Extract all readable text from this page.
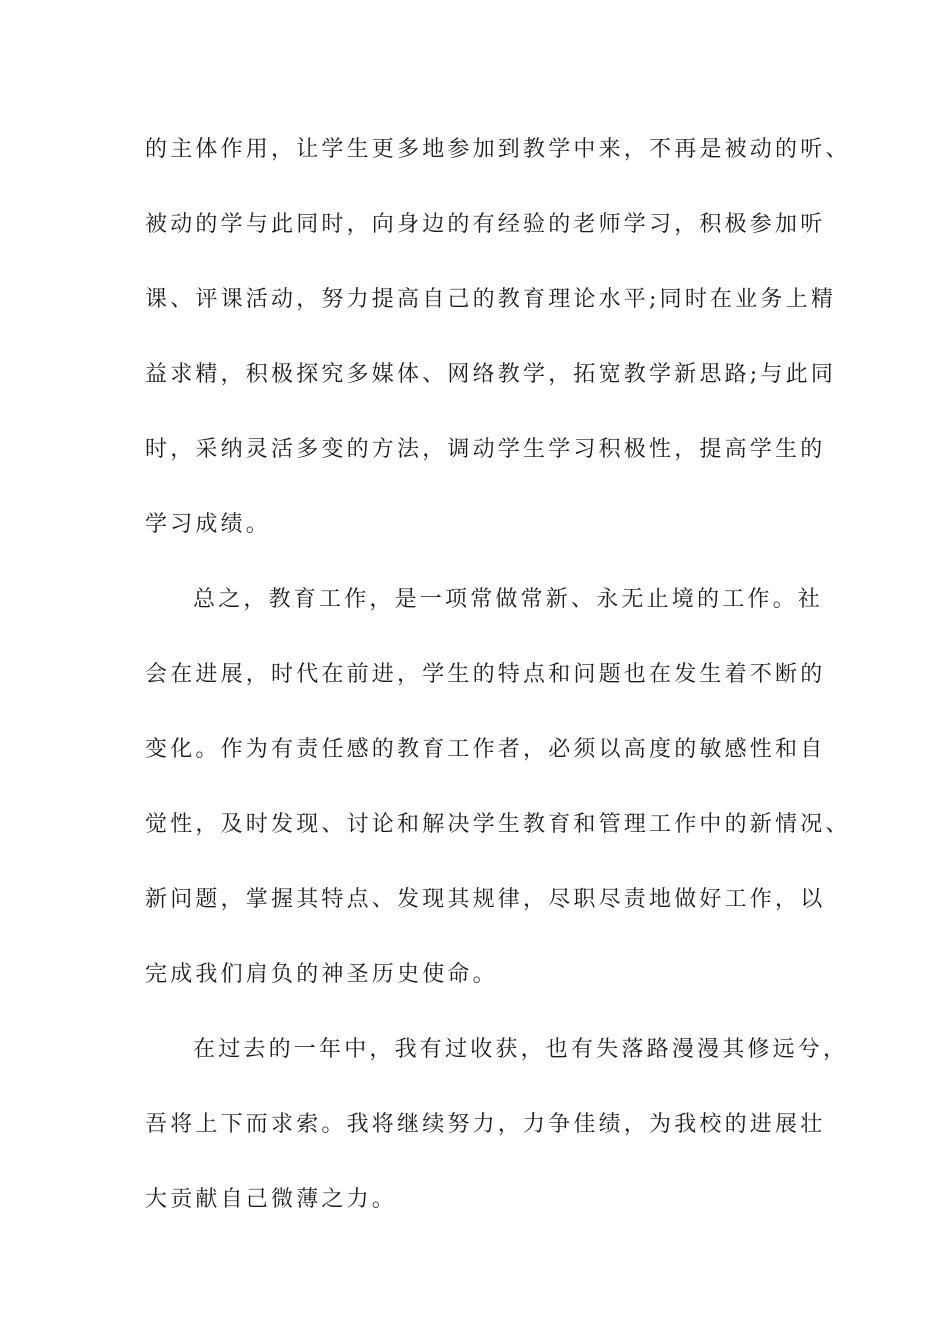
的主体作用，让学生更多地参加到教学中来，不再是被动的听、
被动的学与此同时，向身边的有经验的老师学习，积极参加听
课、评课活动，努力提高自己的教育理论水平;同时在业务上精
益求精，积极探究多媒体、网络教学，拓宽教学新思路;与此同
时，采纳灵活多变的方法，调动学生学习积极性，提高学生的
学习成绩。
总之，教育工作，是一项常做常新、永无止境的工作。社
会在进展，时代在前进，学生的特点和问题也在发生着不断的
变化。作为有责任感的教育工作者，必须以高度的敏感性和自
觉性，及时发现、讨论和解决学生教育和管理工作中的新情况、
新问题，掌握其特点、发现其规律，尽职尽责地做好工作，以
完成我们肩负的神圣历史使命。
在过去的一年中，我有过收获，也有失落路漫漫其修远兮，
吾将上下而求索。我将继续努力，力争佳绩，为我校的进展壮
大贡献自己微薄之力。
